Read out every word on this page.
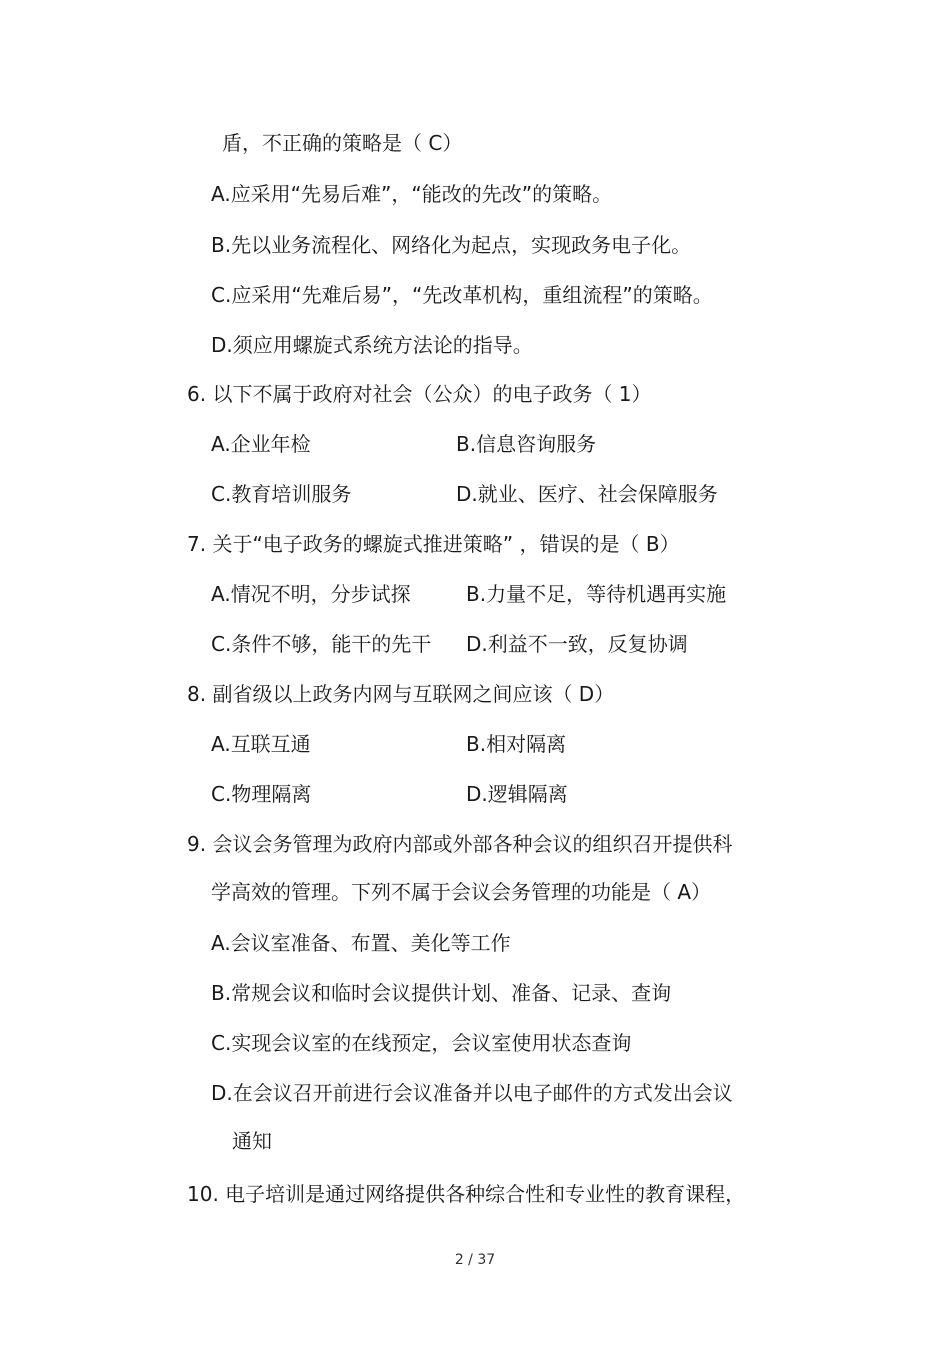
盾，不正确的策略是（ C）
A.应采用“先易后难”，“能改的先改”的策略。
B.先以业务流程化、网络化为起点，实现政务电子化。
C.应采用“先难后易”，“先改革机构，重组流程”的策略。
D.须应用螺旋式系统方法论的指导。
6. 以下不属于政府对社会（公众）的电子政务（ 1）
A.企业年检	B.信息咨询服务
C.教育培训服务	D.就业、医疗、社会保障服务
7. 关于“电子政务的螺旋式推进策略” ，错误的是（ B）
A.情况不明，分步试探	B.力量不足，等待机遇再实施
C.条件不够，能干的先干 D.利益不一致，反复协调
8. 副省级以上政务内网与互联网之间应该（ D）
A.互联互通	B.相对隔离
C.物理隔离	D.逻辑隔离
9. 会议会务管理为政府内部或外部各种会议的组织召开提供科
学高效的管理。下列不属于会议会务管理的功能是（ A）
A.会议室准备、布置、美化等工作
B.常规会议和临时会议提供计划、准备、记录、查询
C.实现会议室的在线预定，会议室使用状态查询
D.在会议召开前进行会议准备并以电子邮件的方式发出会议
通知
10. 电子培训是通过网络提供各种综合性和专业性的教育课程，
2 / 37
